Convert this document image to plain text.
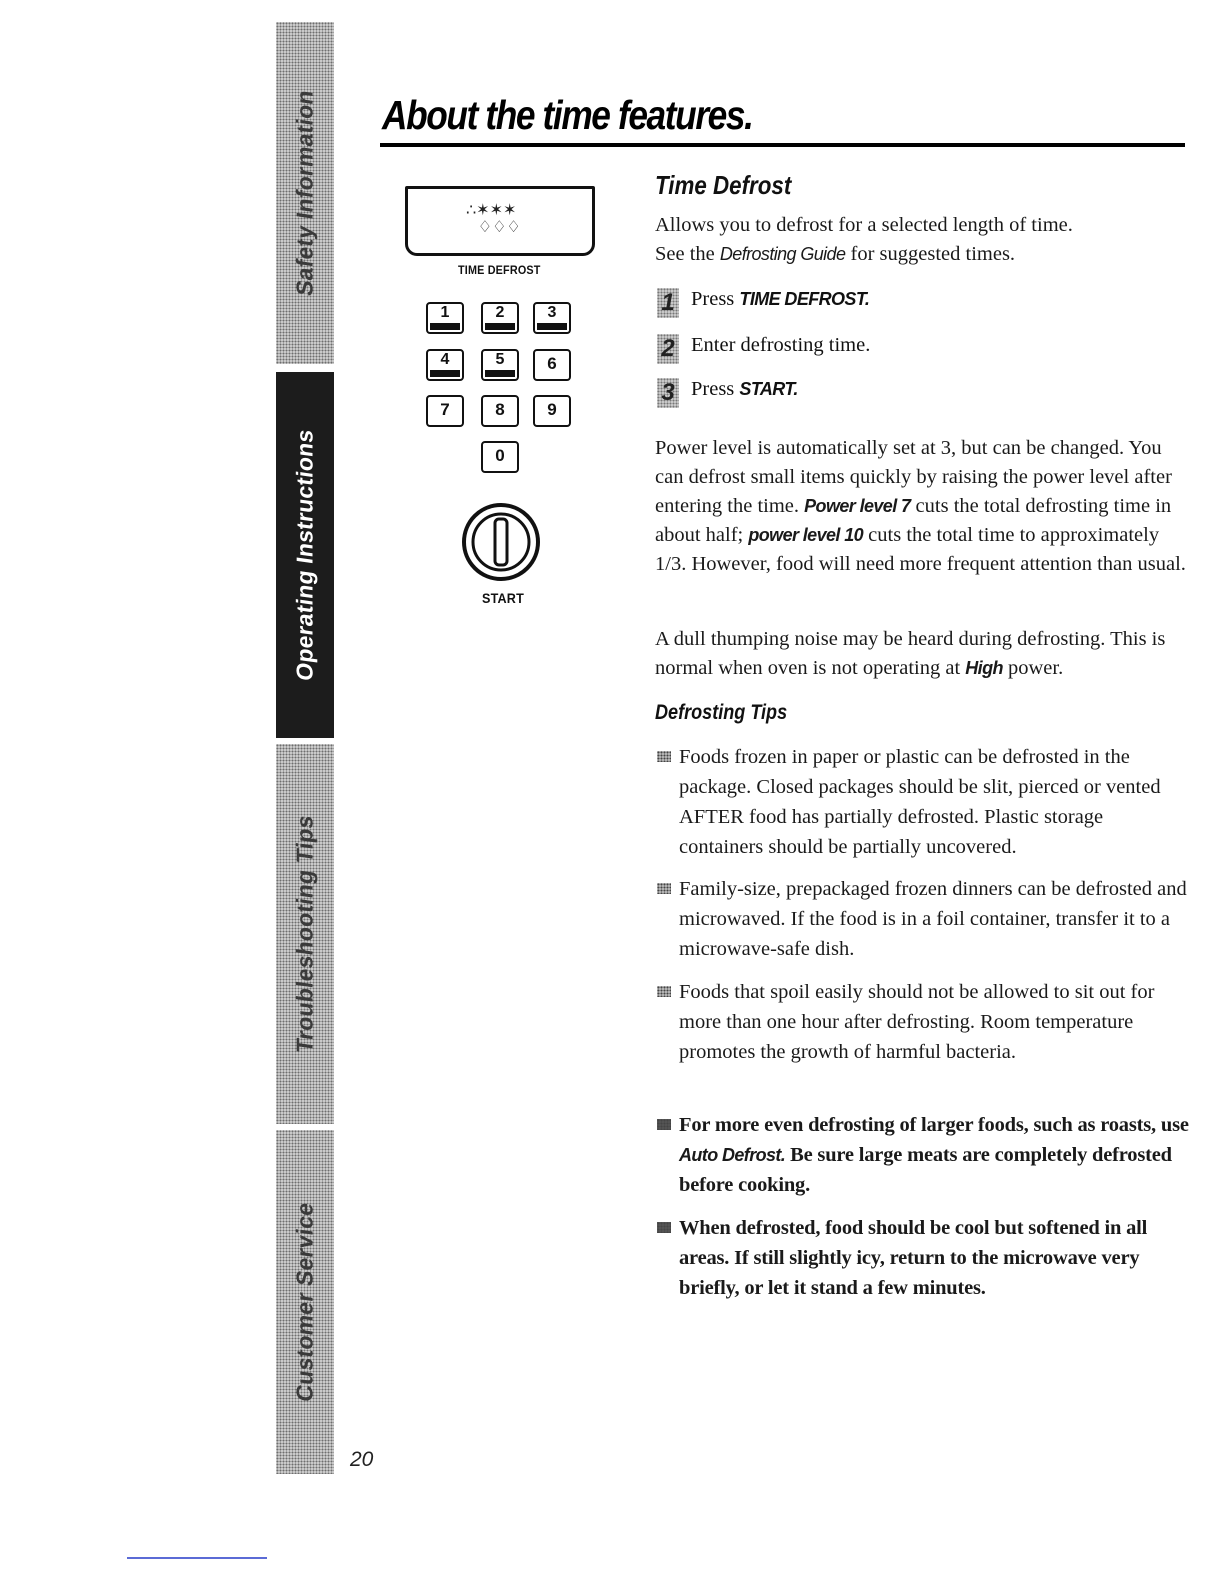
Safety Information
Operating Instructions
Troubleshooting Tips
Customer Service
20
About the time features.
∴✶✶✶
⠀♢♢♢
TIME DEFROST
1	2	3
4	5	6
7	8	9
0
START
Time Defrost

Allows you to defrost for a selected length of time.
See the Defrosting Guide for suggested times.

1 Press TIME DEFROST.
2 Enter defrosting time.
3 Press START.

Power level is automatically set at 3, but can be changed. You can defrost small items quickly by raising the power level after entering the time. Power level 7 cuts the total defrosting time in about half; power level 10 cuts the total time to approximately 1/3. However, food will need more frequent attention than usual.

A dull thumping noise may be heard during defrosting. This is normal when oven is not operating at High power.

Defrosting Tips

Foods frozen in paper or plastic can be defrosted in the package. Closed packages should be slit, pierced or vented AFTER food has partially defrosted. Plastic storage containers should be partially uncovered.

Family-size, prepackaged frozen dinners can be defrosted and microwaved. If the food is in a foil container, transfer it to a microwave-safe dish.

Foods that spoil easily should not be allowed to sit out for more than one hour after defrosting. Room temperature promotes the growth of harmful bacteria.

For more even defrosting of larger foods, such as roasts, use Auto Defrost. Be sure large meats are completely defrosted before cooking.

When defrosted, food should be cool but softened in all areas. If still slightly icy, return to the microwave very briefly, or let it stand a few minutes.
